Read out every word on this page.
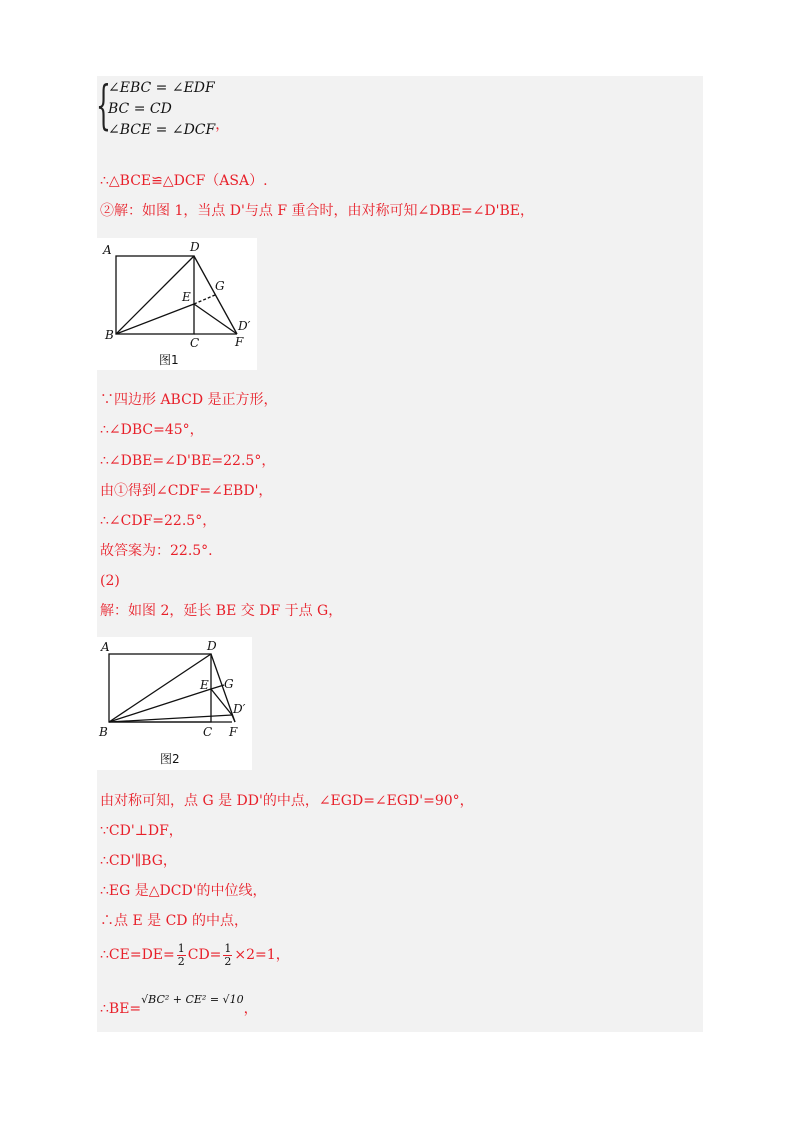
{
∠EBC = ∠EDF
BC = CD
∠BCE = ∠DCF，
∴△BCE≌△DCF（ASA）.
②解：如图 1，当点 D'与点 F 重合时，由对称可知∠DBE=∠D'BE，
A	D
B
C
E
G
D′
F
图1
∵四边形 ABCD 是正方形，
∴∠DBC=45°，
∴∠DBE=∠D'BE=22.5°，
由①得到∠CDF=∠EBD'，
∴∠CDF=22.5°，
故答案为：22.5°.
(2)
解：如图 2，延长 BE 交 DF 于点 G，
A	D
B	C
E G
D′
F
图2
由对称可知，点 G 是 DD'的中点，∠EGD=∠EGD'=90°，
∵CD'⊥DF，
∴CD'∥BG，
∴EG 是△DCD'的中位线，
∴点 E 是 CD 的中点，
∴CE=DE= $\frac{1}{2} CD= \frac{1}{2} \times 2=1$，
∴BE=$^{√BC^2 + CE^2 = √10}$，
